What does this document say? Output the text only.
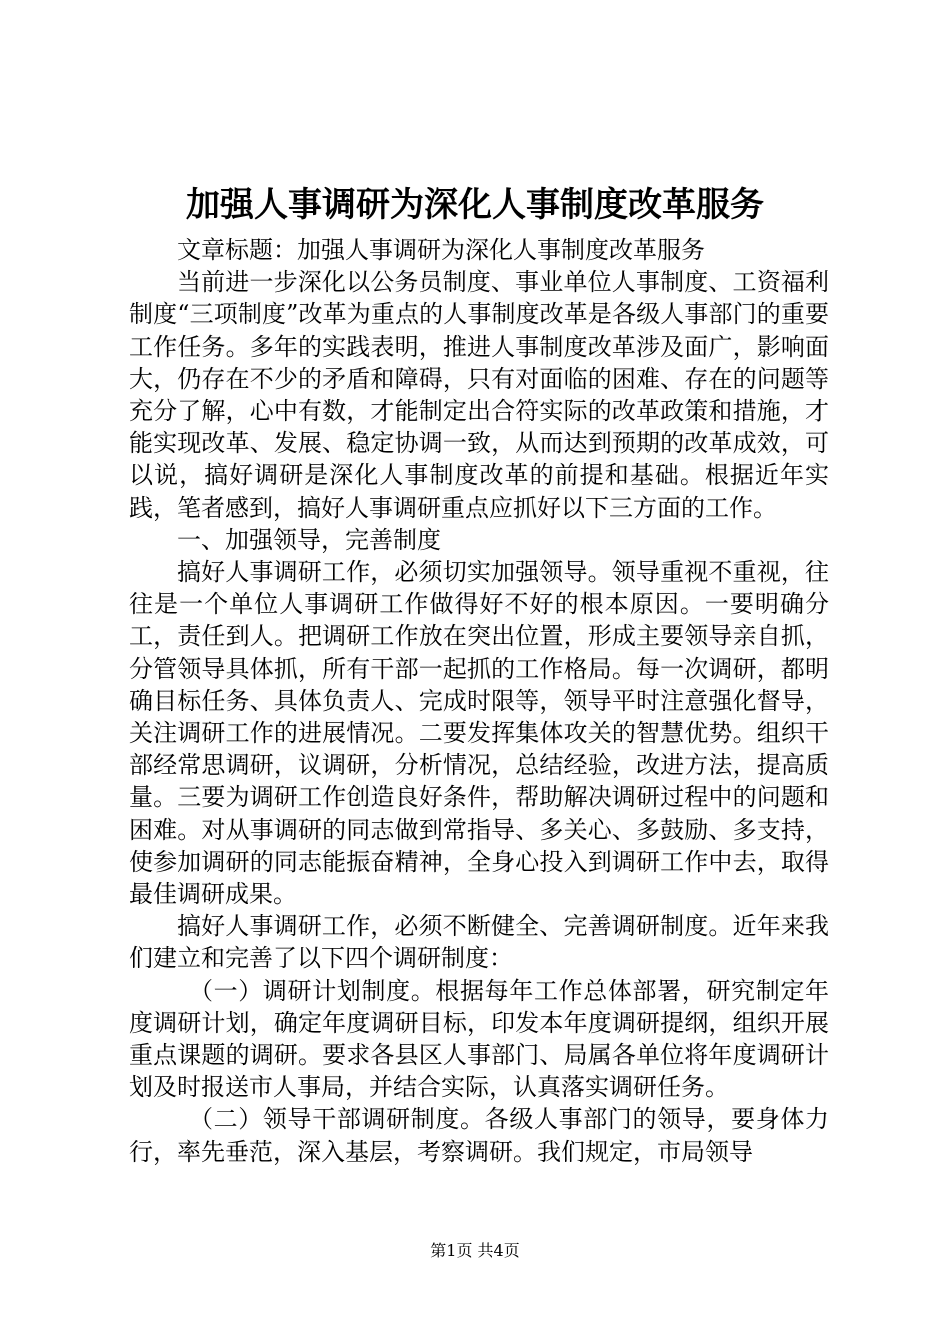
加强人事调研为深化人事制度改革服务

文章标题：加强人事调研为深化人事制度改革服务

当前进一步深化以公务员制度、事业单位人事制度、工资福利制度“三项制度”改革为重点的人事制度改革是各级人事部门的重要工作任务。多年的实践表明，推进人事制度改革涉及面广，影响面大，仍存在不少的矛盾和障碍，只有对面临的困难、存在的问题等充分了解，心中有数，才能制定出合符实际的改革政策和措施，才能实现改革、发展、稳定协调一致，从而达到预期的改革成效，可以说，搞好调研是深化人事制度改革的前提和基础。根据近年实践，笔者感到，搞好人事调研重点应抓好以下三方面的工作。

一、加强领导，完善制度

搞好人事调研工作，必须切实加强领导。领导重视不重视，往往是一个单位人事调研工作做得好不好的根本原因。一要明确分工，责任到人。把调研工作放在突出位置，形成主要领导亲自抓，分管领导具体抓，所有干部一起抓的工作格局。每一次调研，都明确目标任务、具体负责人、完成时限等，领导平时注意强化督导，关注调研工作的进展情况。二要发挥集体攻关的智慧优势。组织干部经常思调研，议调研，分析情况，总结经验，改进方法，提高质量。三要为调研工作创造良好条件，帮助解决调研过程中的问题和困难。对从事调研的同志做到常指导、多关心、多鼓励、多支持，使参加调研的同志能振奋精神，全身心投入到调研工作中去，取得最佳调研成果。

搞好人事调研工作，必须不断健全、完善调研制度。近年来我们建立和完善了以下四个调研制度：

（一）调研计划制度。根据每年工作总体部署，研究制定年度调研计划，确定年度调研目标，印发本年度调研提纲，组织开展重点课题的调研。要求各县区人事部门、局属各单位将年度调研计划及时报送市人事局，并结合实际，认真落实调研任务。

（二）领导干部调研制度。各级人事部门的领导，要身体力行，率先垂范，深入基层，考察调研。我们规定，市局领导

第1页 共4页
